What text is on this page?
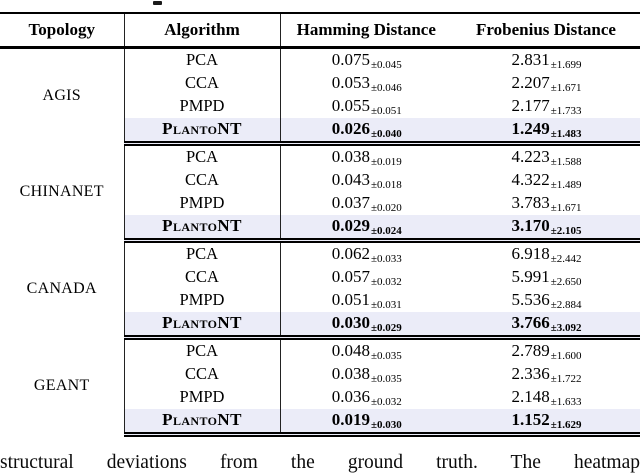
Topology	Algorithm	Hamming Distance	Frobenius Distance
AGIS	PCA	$0.075_{\pm 0.045}$	$2.831_{\pm 1.699}$
	CCA	$0.053_{\pm 0.046}$	$2.207_{\pm 1.671}$
	PMPD	$0.055_{\pm 0.051}$	$2.177_{\pm 1.733}$
	PlantoNT	$0.026_{\pm 0.040}$	$1.249_{\pm 1.483}$
CHINANET	PCA	$0.038_{\pm 0.019}$	$4.223_{\pm 1.588}$
	CCA	$0.043_{\pm 0.018}$	$4.322_{\pm 1.489}$
	PMPD	$0.037_{\pm 0.020}$	$3.783_{\pm 1.671}$
	PlantoNT	$0.029_{\pm 0.024}$	$3.170_{\pm 2.105}$
CANADA	PCA	$0.062_{\pm 0.033}$	$6.918_{\pm 2.442}$
	CCA	$0.057_{\pm 0.032}$	$5.991_{\pm 2.650}$
	PMPD	$0.051_{\pm 0.031}$	$5.536_{\pm 2.884}$
	PlantoNT	$0.030_{\pm 0.029}$	$3.766_{\pm 3.092}$
GEANT	PCA	$0.048_{\pm 0.035}$	$2.789_{\pm 1.600}$
	CCA	$0.038_{\pm 0.035}$	$2.336_{\pm 1.722}$
	PMPD	$0.036_{\pm 0.032}$	$2.148_{\pm 1.633}$
	PlantoNT	$0.019_{\pm 0.030}$	$1.152_{\pm 1.629}$
structural deviations from the ground truth. The heatmap
